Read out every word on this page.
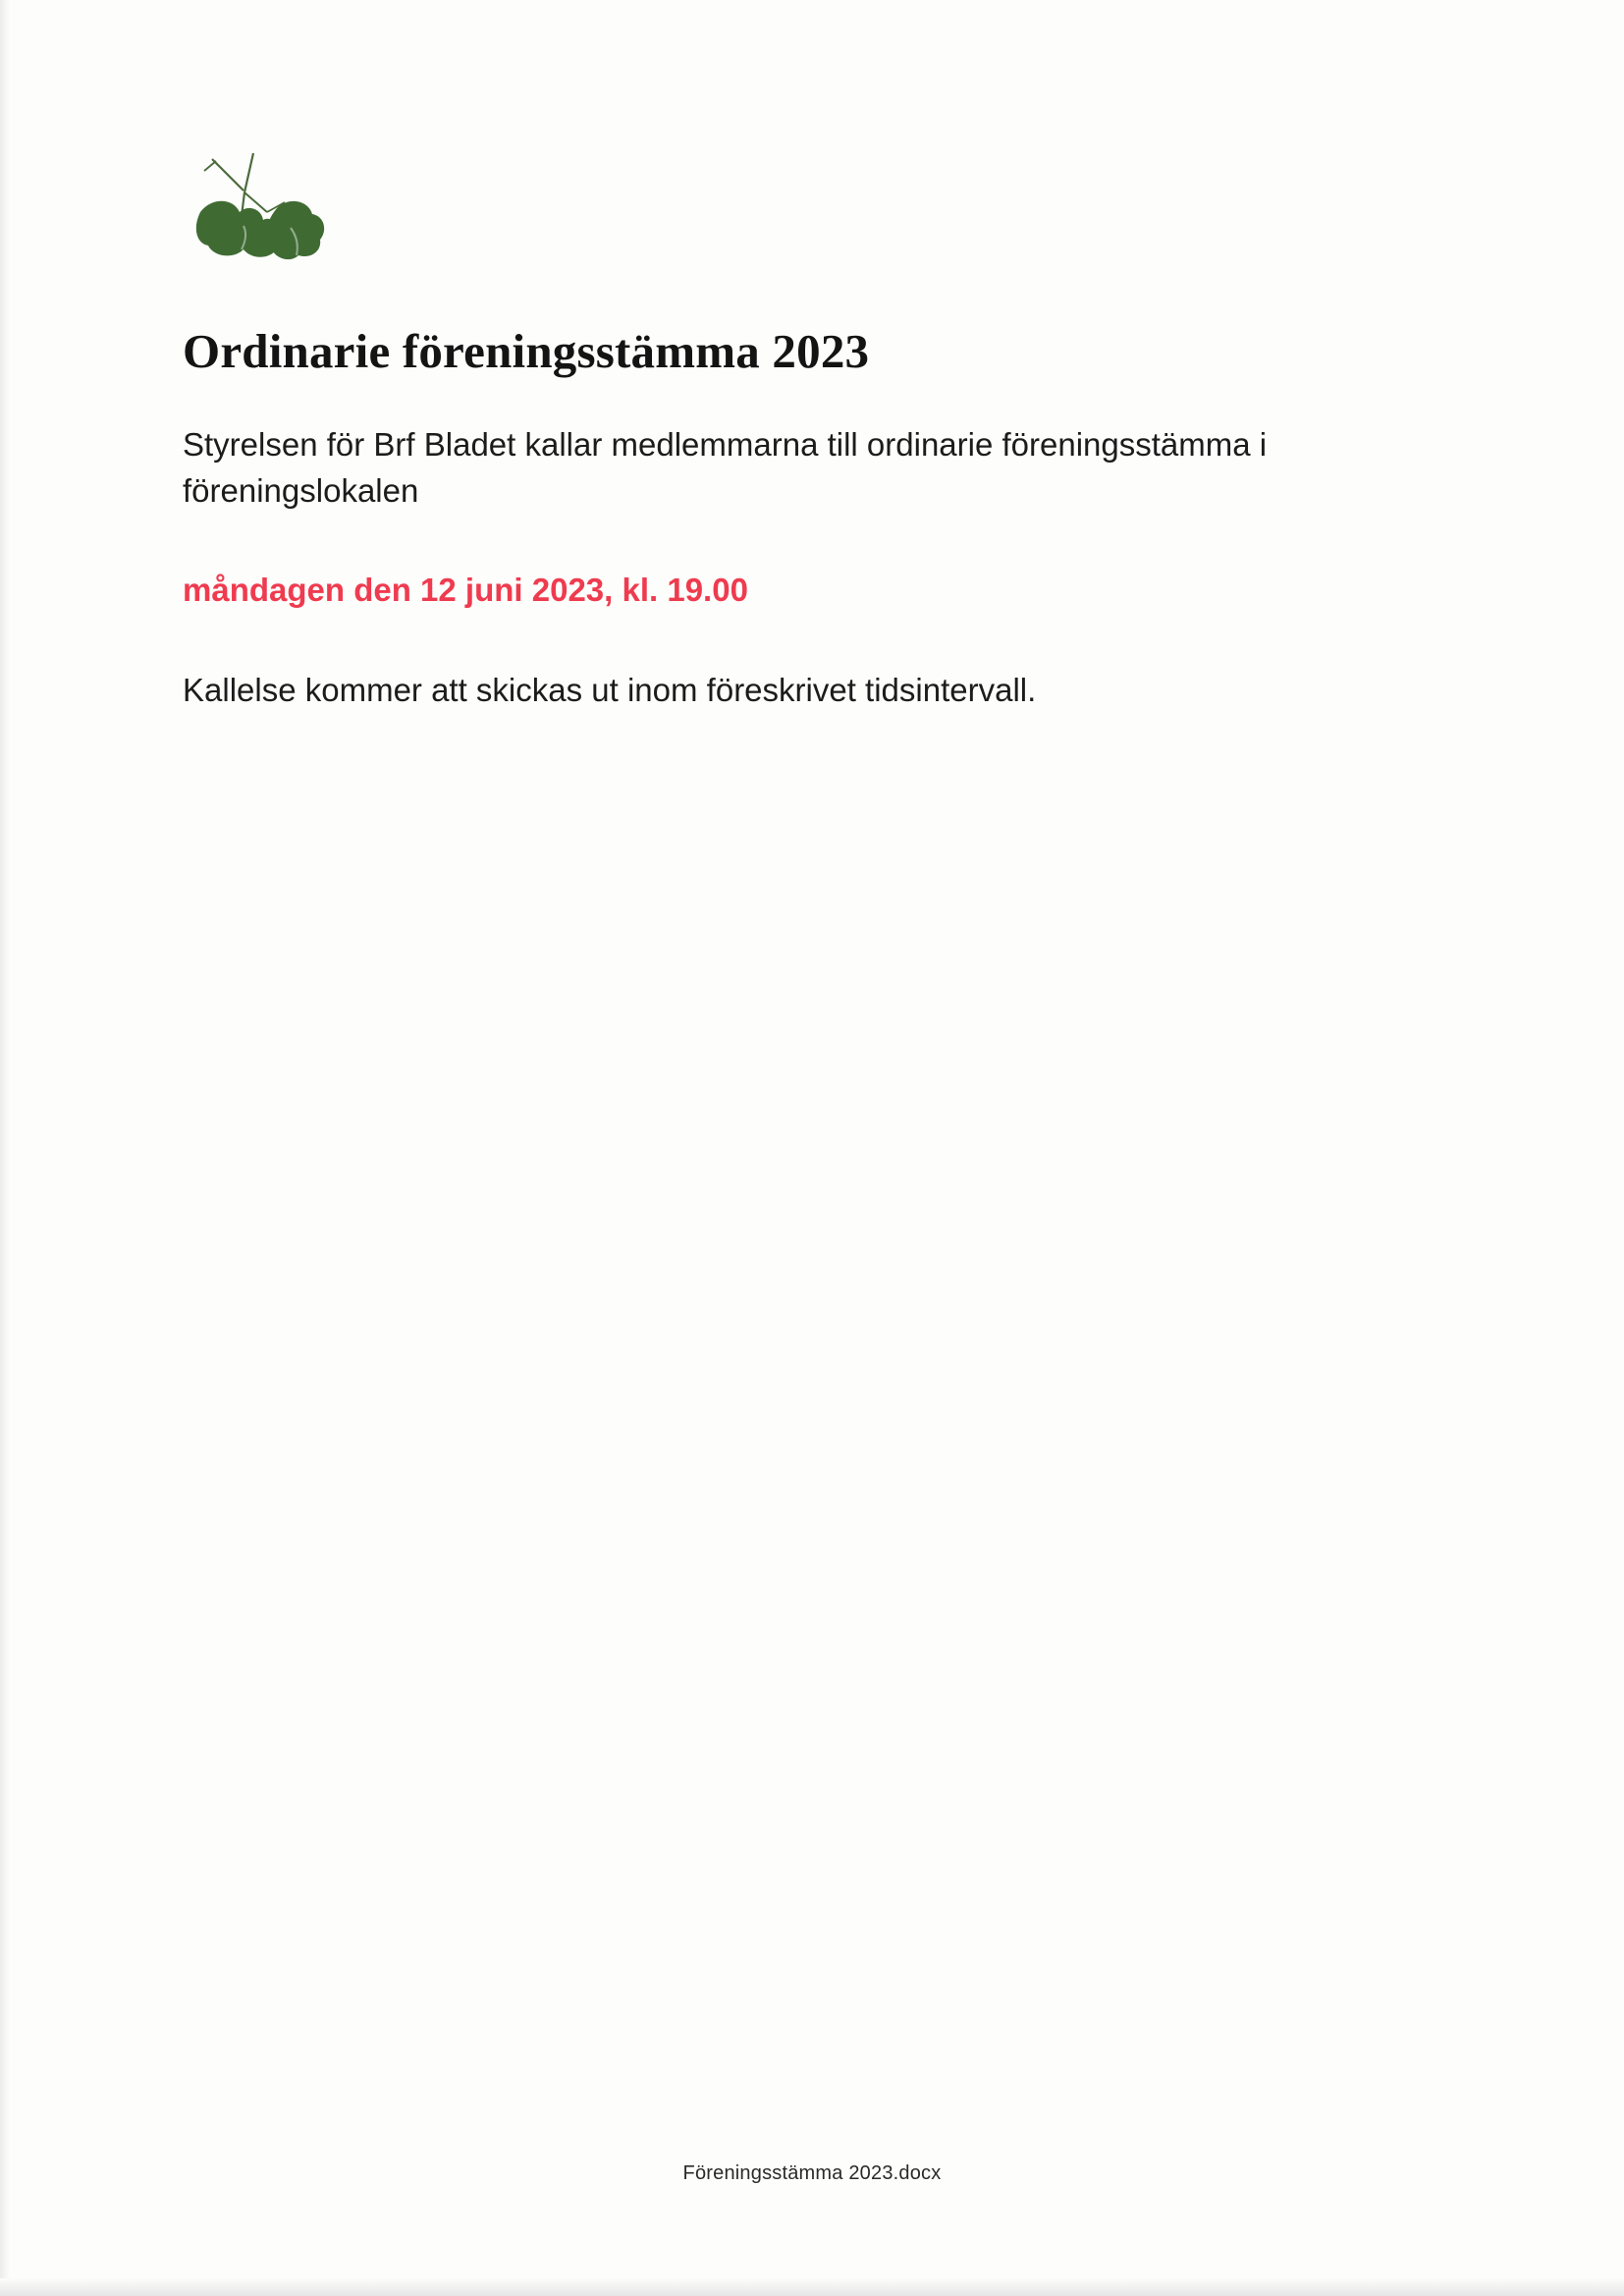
Ordinarie föreningsstämma 2023

Styrelsen för Brf Bladet kallar medlemmarna till ordinarie föreningsstämma i föreningslokalen

måndagen den 12 juni 2023, kl. 19.00

Kallelse kommer att skickas ut inom föreskrivet tidsintervall.

Föreningsstämma 2023.docx
